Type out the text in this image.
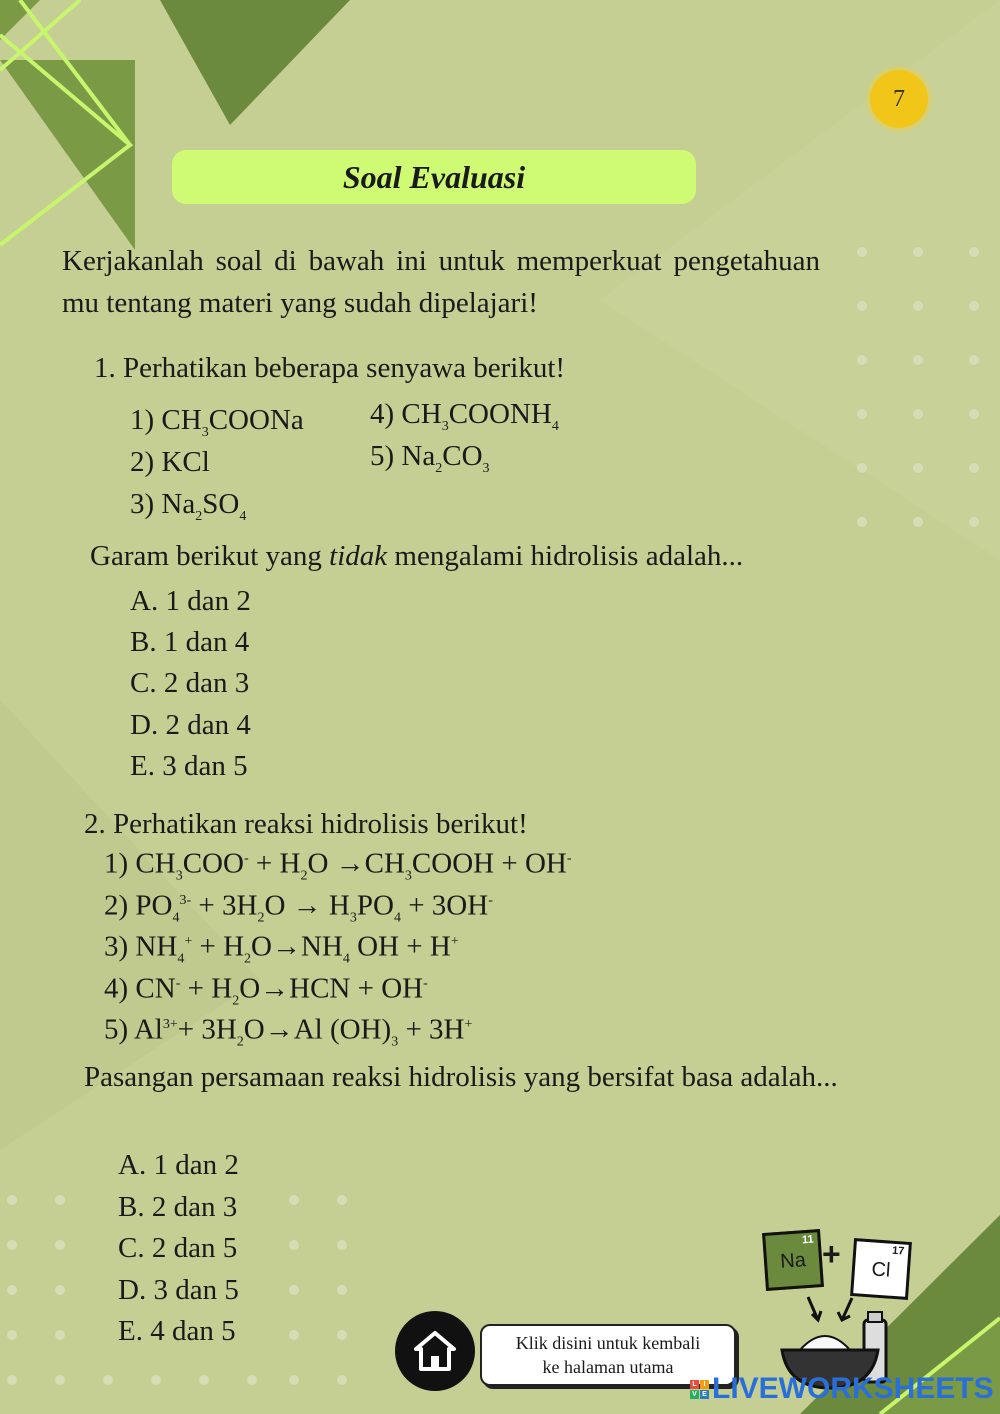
7
Soal Evaluasi
Kerjakanlah soal di bawah ini untuk memperkuat pengetahuan mu tentang materi yang sudah dipelajari!
1. Perhatikan beberapa senyawa berikut!
1) $CH_3COONa$
2) KCl
3) $Na_2SO_4$
4) $CH_3COONH_4$
5) $Na_2CO_3$
Garam berikut yang tidak mengalami hidrolisis adalah...
A. 1 dan 2
B. 1 dan 4
C. 2 dan 3
D. 2 dan 4
E. 3 dan 5
2. Perhatikan reaksi hidrolisis berikut!
1) $CH_3COO^- + H_2O$ $\to CH_3COOH + OH^-$
2) $PO_4^{3-} + 3H_2O \to H_3PO_4 + 3OH^-$
3) $NH_4^+ + H_2O\to NH_4$ OH + H+
4) $CN^- + H_2O\to HCN + OH^-$
5) $Al^{3+}+ 3H_2O\to Al$ $(OH)_3 + 3H^+$
Pasangan persamaan reaksi hidrolisis yang bersifat basa adalah...
A. 1 dan 2
B. 2 dan 3
C. 2 dan 5
D. 3 dan 5
E. 4 dan 5	Klik disini untuk kembali
ke halaman utama
11
Na +	17
Cl
L I
V E LIVEWORKSHEETS
